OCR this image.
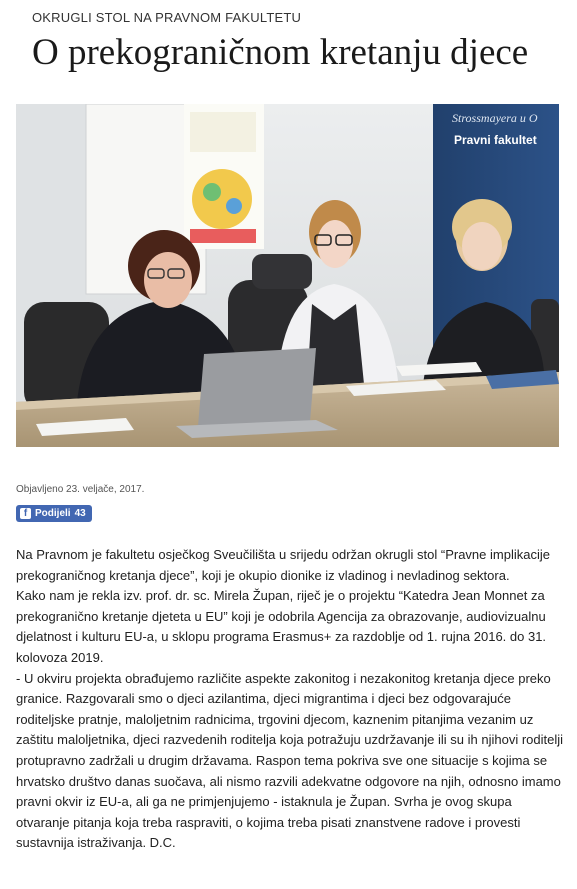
OKRUGLI STOL NA PRAVNOM FAKULTETU
O prekograničnom kretanju djece
Strossmayera u O
Pravni fakultet
Objavljeno 23. veljače, 2017.
f Podijeli 43

Na Pravnom je fakultetu osječkog Sveučilišta u srijedu održan okrugli stol “Pravne implikacije prekograničnog kretanja djece”, koji je okupio dionike iz vladinog i nevladinog sektora.

Kako nam je rekla izv. prof. dr. sc. Mirela Župan, riječ je o projektu “Katedra Jean Monnet za prekogranično kretanje djeteta u EU” koji je odobrila Agencija za obrazovanje, audiovizualnu djelatnost i kulturu EU-a, u sklopu programa Erasmus+ za razdoblje od 1. rujna 2016. do 31. kolovoza 2019.

- U okviru projekta obrađujemo različite aspekte zakonitog i nezakonitog kretanja djece preko granice. Razgovarali smo o djeci azilantima, djeci migrantima i djeci bez odgovarajuće roditeljske pratnje, maloljetnim radnicima, trgovini djecom, kaznenim pitanjima vezanim uz zaštitu maloljetnika, djeci razvedenih roditelja koja potražuju uzdržavanje ili su ih njihovi roditelji protupravno zadržali u drugim državama. Raspon tema pokriva sve one situacije s kojima se hrvatsko društvo danas suočava, ali nismo razvili adekvatne odgovore na njih, odnosno imamo pravni okvir iz EU-a, ali ga ne primjenjujemo - istaknula je Župan. Svrha je ovog skupa otvaranje pitanja koja treba raspraviti, o kojima treba pisati znanstvene radove i provesti sustavnija istraživanja. D.C.
